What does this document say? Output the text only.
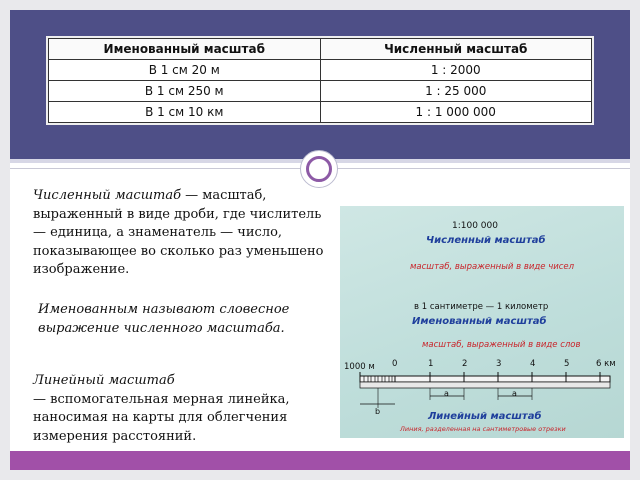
Именованный масштаб	Численный масштаб
В 1 см 20 м	1 : 2000
В 1 см 250 м	1 : 25 000
В 1 см 10 км	1 : 1 000 000
Численный масштаб — масштаб, выраженный в виде дроби, где числитель — единица, а знаменатель — число, показывающее во сколько раз уменьшено изображение.
Именованным называют словесное выражение численного масштаба.
Линейный масштаб
— вспомогательная мерная линейка, наносимая на карты для облегчения измерения расстояний.
1:100 000
Численный масштаб
масштаб, выраженный в виде чисел
в 1 сантиметре — 1 километр
Именованный масштаб
масштаб, выраженный в виде слов
1000 м 0	1	2	3	4	5	6 км
a	a
b	Линейный масштаб
Линия, разделенная на сантиметровые отрезки
